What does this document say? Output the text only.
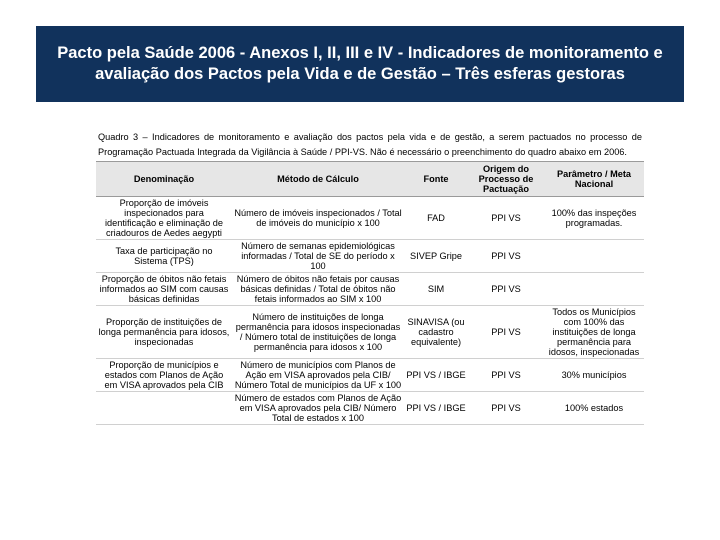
Pacto pela Saúde 2006 - Anexos I, II, III e IV - Indicadores de monitoramento e avaliação dos Pactos pela Vida e de Gestão – Três esferas gestoras
Quadro 3 – Indicadores de monitoramento e avaliação dos pactos pela vida e de gestão, a serem pactuados no processo de Programação Pactuada Integrada da Vigilância à Saúde / PPI-VS. Não é necessário o preenchimento do quadro abaixo em 2006.
Denominação	Método de Cálculo	Fonte	Origem do Processo de Pactuação	Parâmetro / Meta Nacional
Proporção de imóveis inspecionados para identificação e eliminação de criadouros de Aedes aegypti	Número de imóveis inspecionados / Total de imóveis do município x 100	FAD	PPI VS	100% das inspeções programadas.
Taxa de participação no Sistema (TPS)	Número de semanas epidemiológicas informadas / Total de SE do período x 100	SIVEP Gripe	PPI VS	
Proporção de óbitos não fetais informados ao SIM com causas básicas definidas	Número de óbitos não fetais por causas básicas definidas / Total de óbitos não fetais informados ao SIM x 100	SIM	PPI VS	
Proporção de instituições de longa permanência para idosos, inspecionadas	Número de instituições de longa permanência para idosos inspecionadas / Número total de instituições de longa permanência para idosos x 100	SINAVISA (ou cadastro equivalente)	PPI VS	Todos os Municípios com 100% das instituições de longa permanência para idosos, inspecionadas
Proporção de municípios e estados com Planos de Ação em VISA aprovados pela CIB	Número de municípios com Planos de Ação em VISA aprovados pela CIB/ Número Total de municípios da UF x 100	PPI VS / IBGE	PPI VS	30% municípios
	Número de estados com Planos de Ação em VISA aprovados pela CIB/ Número Total de estados x 100	PPI VS / IBGE	PPI VS	100% estados
